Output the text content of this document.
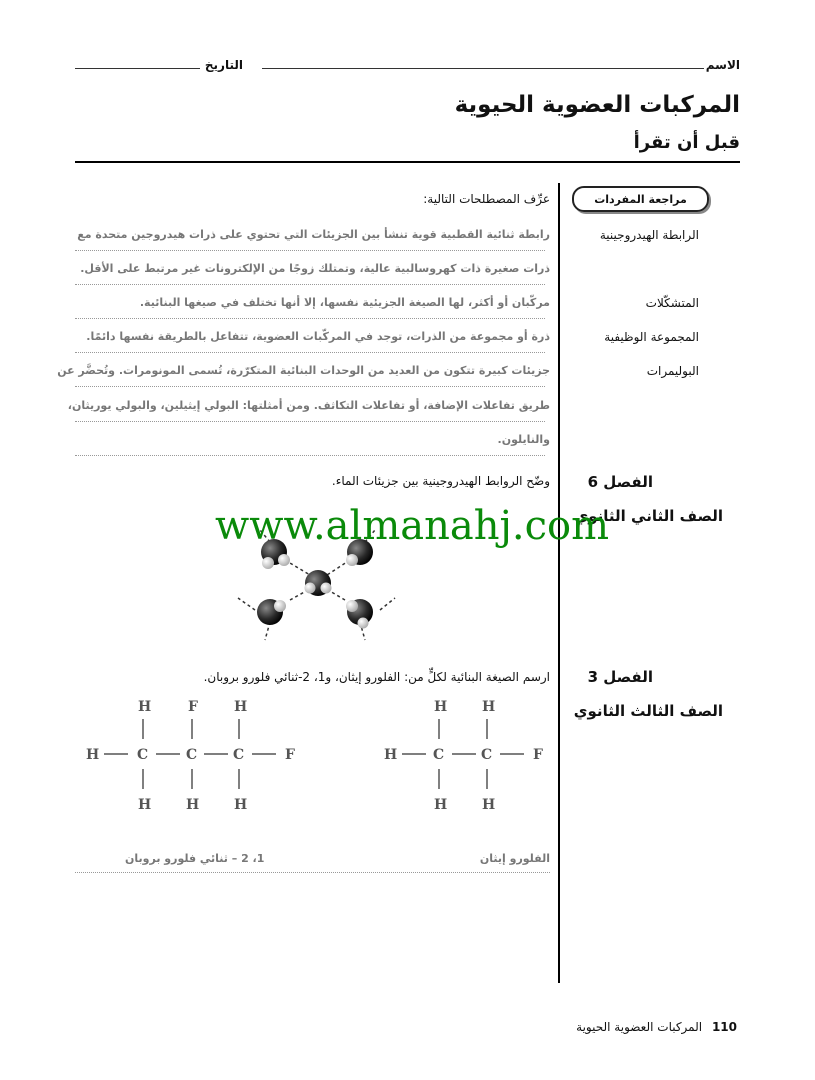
الاسم
التاريخ
المركبات العضوية الحيوية
قبل أن تقرأ
مراجعة المفردات
عرِّف المصطلحات التالية:
الرابطة الهيدروجينية
رابطة ثنائية القطبية قوية تنشأ بين الجزيئات التي تحتوي على ذرات هيدروجين متحدة مع
ذرات صغيرة ذات كهروسالبية عالية، وتمتلك زوجًا من الإلكترونات غير مرتبط على الأقل.
المتشكّلات
مركّبان أو أكثر، لها الصيغة الجزيئية نفسها، إلا أنها تختلف في صيغها البنائية.
المجموعة الوظيفية
ذرة أو مجموعة من الذرات، توجد في المركّبات العضوية، تتفاعل بالطريقة نفسها دائمًا.
البوليمرات
جزيئات كبيرة تتكون من العديد من الوحدات البنائية المتكرّرة، تُسمى المونومرات. وتُحضَّر عن
طريق تفاعلات الإضافة، أو تفاعلات التكاثف. ومن أمثلتها: البولي إيثيلين، والبولي يوريثان،
والنايلون.
الفصل 6
الصف الثاني الثانوي
وضّح الروابط الهيدروجينية بين جزيئات الماء.
www.almanahj.com
الفصل 3
الصف الثالث الثانوي
ارسم الصيغة البنائية لكلٍّ من: الفلورو إيثان، و1، 2-ثنائي فلورو بروبان.
H	F	H
H	C	C	C	F
H H H
H H
H	C	C	F
H H
1، 2 – ثنائي فلورو بروبان	الفلورو إيثان
110 المركبات العضوية الحيوية
